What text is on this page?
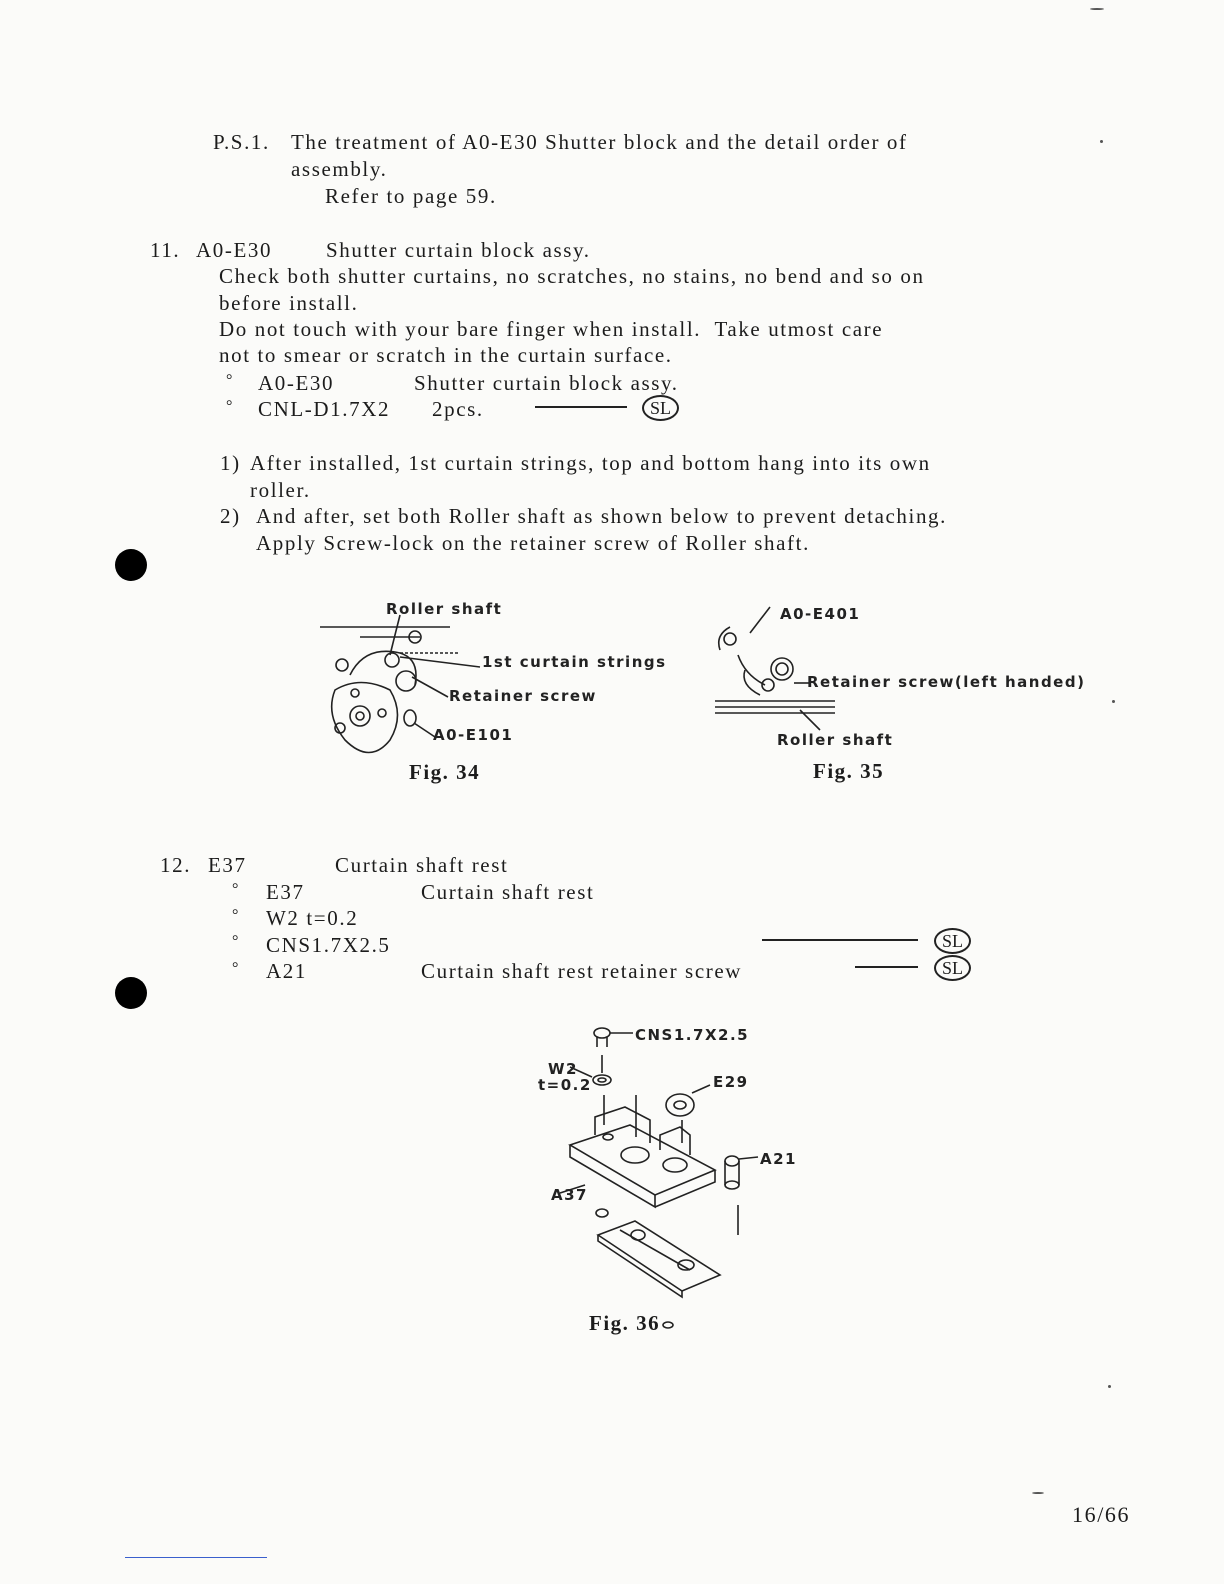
P.S.1. The treatment of A0-E30 Shutter block and the detail order of
assembly.
Refer to page 59.
11. A0-E30	Shutter curtain block assy.
Check both shutter curtains, no scratches, no stains, no bend and so on
before install.
Do not touch with your bare finger when install.  Take utmost care
not to smear or scratch in the curtain surface.
° A0-E30	Shutter curtain block assy.
° CNL-D1.7X2 2pcs.	SL
1) After installed, 1st curtain strings, top and bottom hang into its own
roller.
2) And after, set both Roller shaft as shown below to prevent detaching.
Apply Screw-lock on the retainer screw of Roller shaft.
Roller shaft
1st curtain strings
Retainer screw
A0-E101
Fig. 34
A0-E401
Retainer screw(left handed)
Roller shaft
Fig. 35
12. E37	Curtain shaft rest
° E37	Curtain shaft rest
° W2 t=0.2
° CNS1.7X2.5	SL
° A21	Curtain shaft rest retainer screw	SL
CNS1.7X2.5
W2
t=0.2	E29
A21
A37
Fig. 36
16/66
